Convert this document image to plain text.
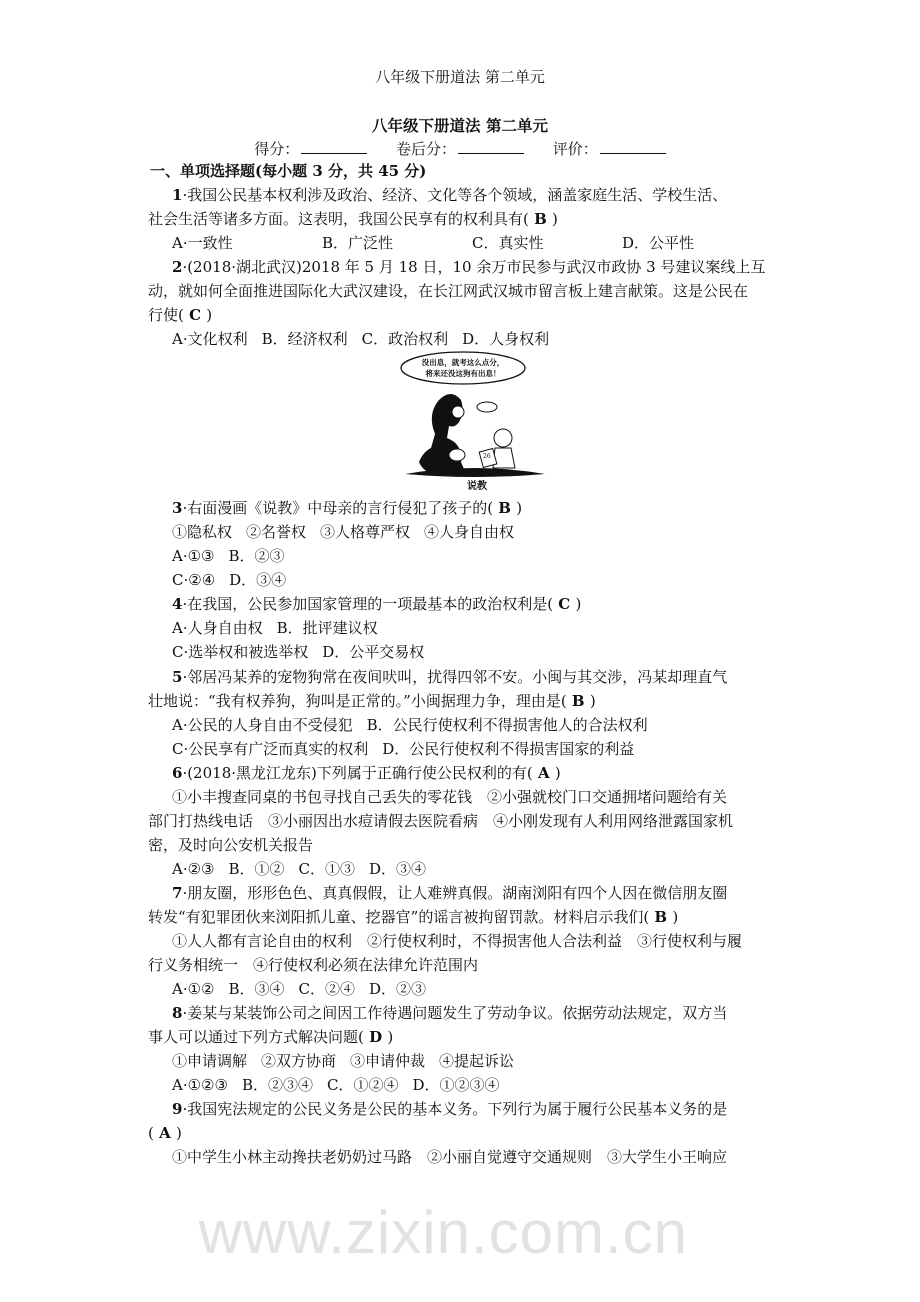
www.zixin.com.cn
八年级下册道法 第二单元
八年级下册道法 第二单元
得分：	卷后分：	评价：
一、单项选择题(每小题 3 分，共 45 分)
1·我国公民基本权利涉及政治、经济、文化等各个领域，涵盖家庭生活、学校生活、
社会生活等诸多方面。这表明，我国公民享有的权利具有( B )
A·一致性	B．广泛性	C．真实性	D．公平性
2·(2018·湖北武汉)2018 年 5 月 18 日，10 余万市民参与武汉市政协 3 号建议案线上互
动，就如何全面推进国际化大武汉建设，在长江网武汉城市留言板上建言献策。这是公民在
行使( C )
A·文化权利 B．经济权利 C．政治权利 D．人身权利
3·右面漫画《说教》中母亲的言行侵犯了孩子的( B )
①隐私权 ②名誉权 ③人格尊严权 ④人身自由权
A·①③ B．②③
C·②④ D．③④
4·在我国，公民参加国家管理的一项最基本的政治权利是( C )
A·人身自由权 B．批评建议权
C·选举权和被选举权 D．公平交易权
5·邻居冯某养的宠物狗常在夜间吠叫，扰得四邻不安。小闽与其交涉，冯某却理直气
壮地说：“我有权养狗，狗叫是正常的。”小闽据理力争，理由是( B )
A·公民的人身自由不受侵犯 B．公民行使权利不得损害他人的合法权利
C·公民享有广泛而真实的权利 D．公民行使权利不得损害国家的利益
6·(2018·黑龙江龙东)下列属于正确行使公民权利的有( A )
①小丰搜查同桌的书包寻找自己丢失的零花钱　②小强就校门口交通拥堵问题给有关
部门打热线电话　③小丽因出水痘请假去医院看病　④小刚发现有人利用网络泄露国家机
密，及时向公安机关报告
A·②③ B．①② C．①③ D．③④
7·朋友圈，形形色色、真真假假，让人难辨真假。湖南浏阳有四个人因在微信朋友圈
转发“有犯罪团伙来浏阳抓儿童、挖器官”的谣言被拘留罚款。材料启示我们( B )
①人人都有言论自由的权利　②行使权利时，不得损害他人合法利益　③行使权利与履
行义务相统一　④行使权利必须在法律允许范围内
A·①② B．③④ C．②④ D．②③
8·姜某与某装饰公司之间因工作待遇问题发生了劳动争议。依据劳动法规定，双方当
事人可以通过下列方式解决问题( D )
①申请调解 ②双方协商 ③申请仲裁 ④提起诉讼
A·①②③ B．②③④ C．①②④ D．①②③④
9·我国宪法规定的公民义务是公民的基本义务。下列行为属于履行公民基本义务的是
( A )
①中学生小林主动搀扶老奶奶过马路　②小丽自觉遵守交通规则　③大学生小王响应
没出息，就考这么点分，
将来还没这狗有出息！
26
说教
